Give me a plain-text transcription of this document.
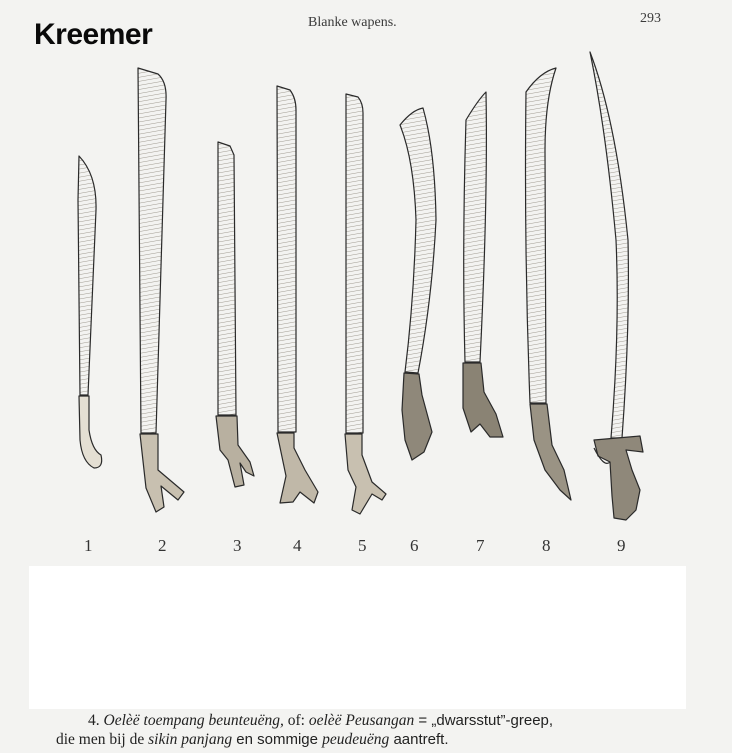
Kreemer	Blanke wapens.	293
1	2	3	4	5	6	7	8	9
4. Oelèë toempang beunteuëng, of: oelèë Peusangan = „dwarsstut”-greep,
die men bij de sikin panjang en sommige peudeuëng aantreft.
